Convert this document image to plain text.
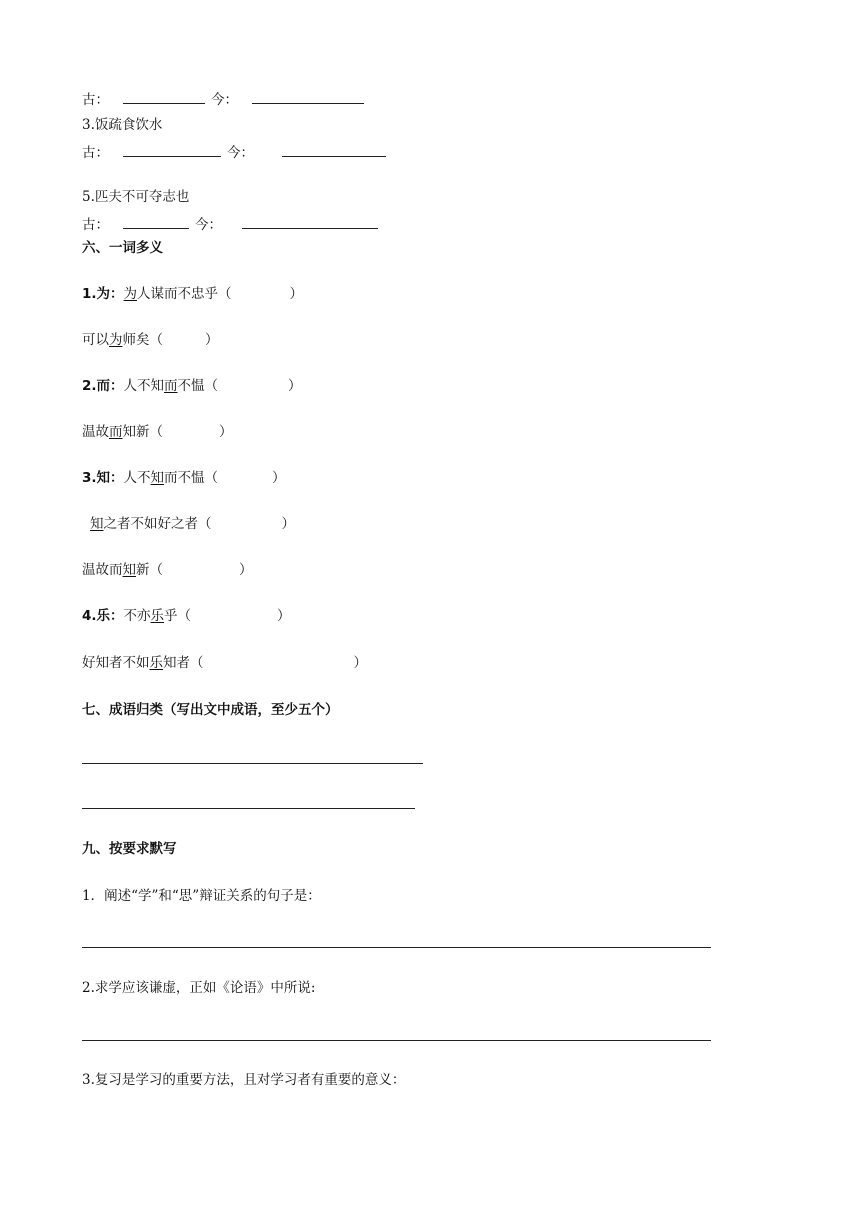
古：	今：
3.饭疏食饮水
古：	今：
5.匹夫不可夺志也
古：	今：
六、一词多义
1.为：为人谋而不忠乎（	）
可以为师矣（	）
2.而：人不知而不愠（	）
温故而知新（	）
3.知：人不知而不愠（	）
知之者不如好之者（	）
温故而知新（	）
4.乐：不亦乐乎（	）
好知者不如乐知者（	）
七、成语归类（写出文中成语，至少五个）
九、按要求默写
1．阐述“学”和“思”辩证关系的句子是：
2.求学应该谦虚，正如《论语》中所说:
3.复习是学习的重要方法，且对学习者有重要的意义：
